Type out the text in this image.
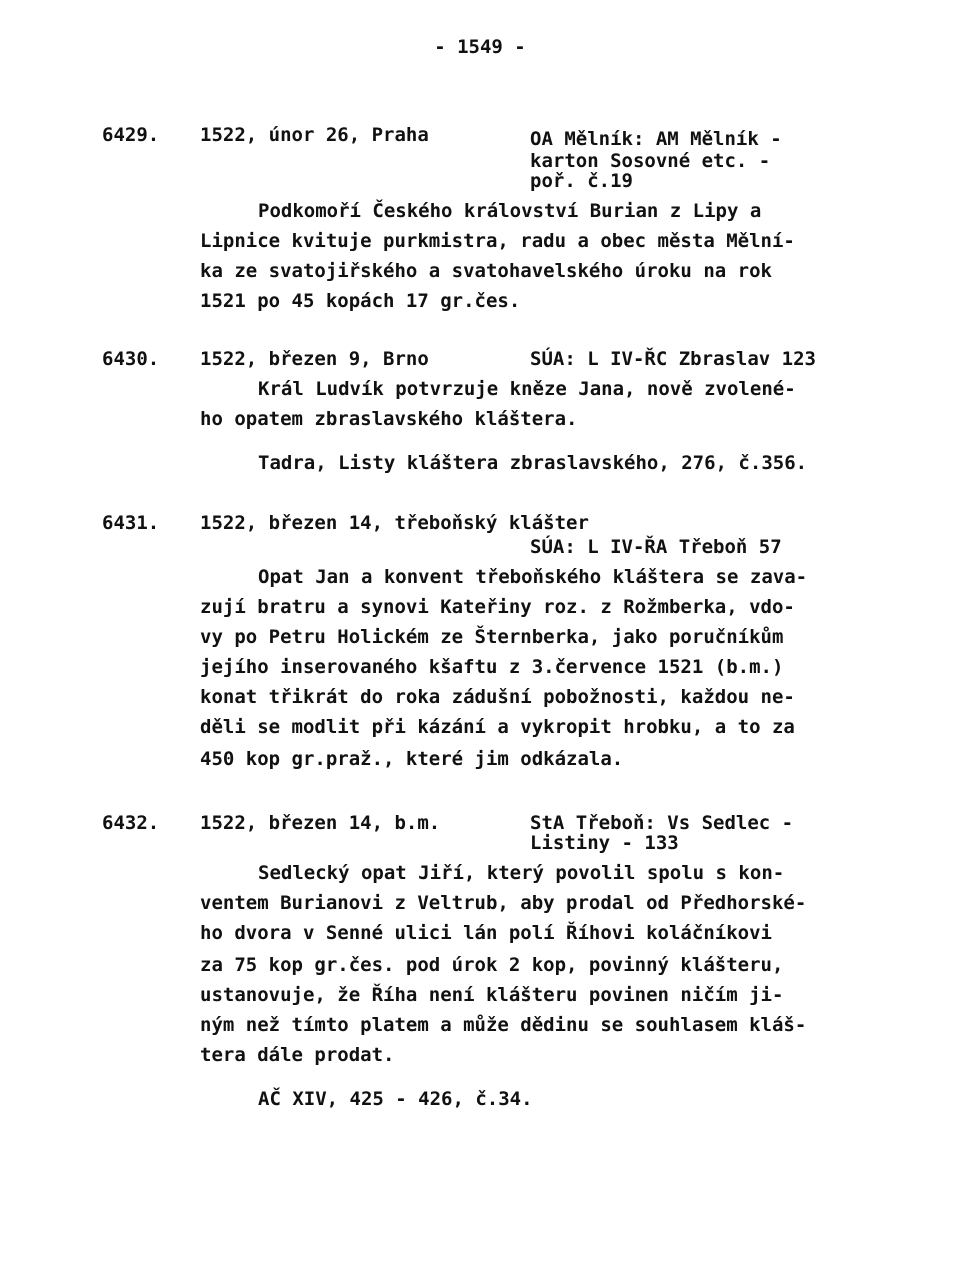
- 1549 -
6429. 1522, únor 26, Praha	OA Mělník: AM Mělník -
karton Sosovné etc. -
poř. č.19
Podkomoří Českého království Burian z Lipy a
Lipnice kvituje purkmistra, radu a obec města Mělní-
ka ze svatojiřského a svatohavelského úroku na rok
1521 po 45 kopách 17 gr.čes.
6430. 1522, březen 9, Brno	SÚA: L IV-ŘC Zbraslav 123
Král Ludvík potvrzuje kněze Jana, nově zvolené-
ho opatem zbraslavského kláštera.
Tadra, Listy kláštera zbraslavského, 276, č.356.
6431. 1522, březen 14, třeboňský klášter
SÚA: L IV-ŘA Třeboň 57
Opat Jan a konvent třeboňského kláštera se zava-
zují bratru a synovi Kateřiny roz. z Rožmberka, vdo-
vy po Petru Holickém ze Šternberka, jako poručníkům
jejího inserovaného kšaftu z 3.července 1521 (b.m.)
konat třikrát do roka zádušní pobožnosti, každou ne-
děli se modlit při kázání a vykropit hrobku, a to za
450 kop gr.praž., které jim odkázala.
6432. 1522, březen 14, b.m.	StA Třeboň: Vs Sedlec -
Listiny - 133
Sedlecký opat Jiří, který povolil spolu s kon-
ventem Burianovi z Veltrub, aby prodal od Předhorské-
ho dvora v Senné ulici lán polí Říhovi koláčníkovi
za 75 kop gr.čes. pod úrok 2 kop, povinný klášteru,
ustanovuje, že Říha není klášteru povinen ničím ji-
ným než tímto platem a může dědinu se souhlasem kláš-
tera dále prodat.
AČ XIV, 425 - 426, č.34.
